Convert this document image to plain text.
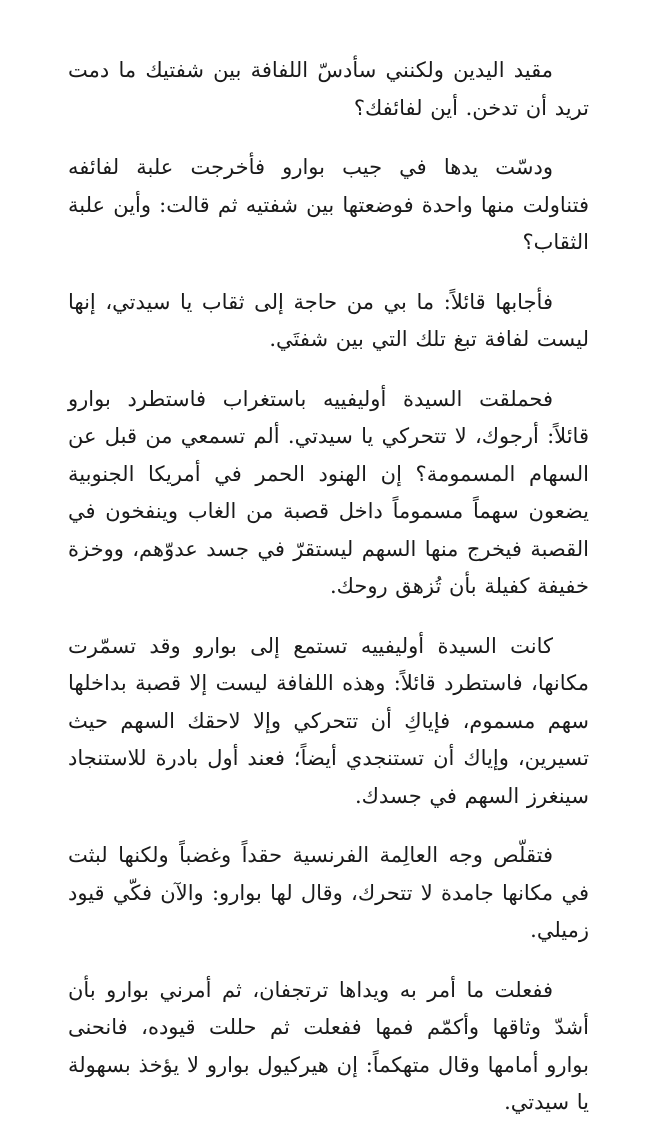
مقيد اليدين ولكنني سأدسّ اللفافة بين شفتيك ما دمت تريد أن تدخن. أين لفائفك؟

ودسّت يدها في جيب بوارو فأخرجت علبة لفائفه فتناولت منها واحدة فوضعتها بين شفتيه ثم قالت: وأين علبة الثقاب؟

فأجابها قائلاً: ما بي من حاجة إلى ثقاب يا سيدتي، إنها ليست لفافة تبغ تلك التي بين شفتَي.

فحملقت السيدة أوليفييه باستغراب فاستطرد بوارو قائلاً: أرجوك، لا تتحركي يا سيدتي. ألم تسمعي من قبل عن السهام المسمومة؟ إن الهنود الحمر في أمريكا الجنوبية يضعون سهماً مسموماً داخل قصبة من الغاب وينفخون في القصبة فيخرج منها السهم ليستقرّ في جسد عدوّهم، ووخزة خفيفة كفيلة بأن تُزهق روحك.

كانت السيدة أوليفييه تستمع إلى بوارو وقد تسمّرت مكانها، فاستطرد قائلاً: وهذه اللفافة ليست إلا قصبة بداخلها سهم مسموم، فإياكِ أن تتحركي وإلا لاحقك السهم حيث تسيرين، وإياك أن تستنجدي أيضاً؛ فعند أول بادرة للاستنجاد سينغرز السهم في جسدك.

فتقلّص وجه العالِمة الفرنسية حقداً وغضباً ولكنها لبثت في مكانها جامدة لا تتحرك، وقال لها بوارو: والآن فكّي قيود زميلي.

ففعلت ما أمر به ويداها ترتجفان، ثم أمرني بوارو بأن أشدّ وثاقها وأكمّم فمها ففعلت ثم حللت قيوده، فانحنى بوارو أمامها وقال متهكماً: إن هيركيول بوارو لا يؤخذ بسهولة يا سيدتي.
